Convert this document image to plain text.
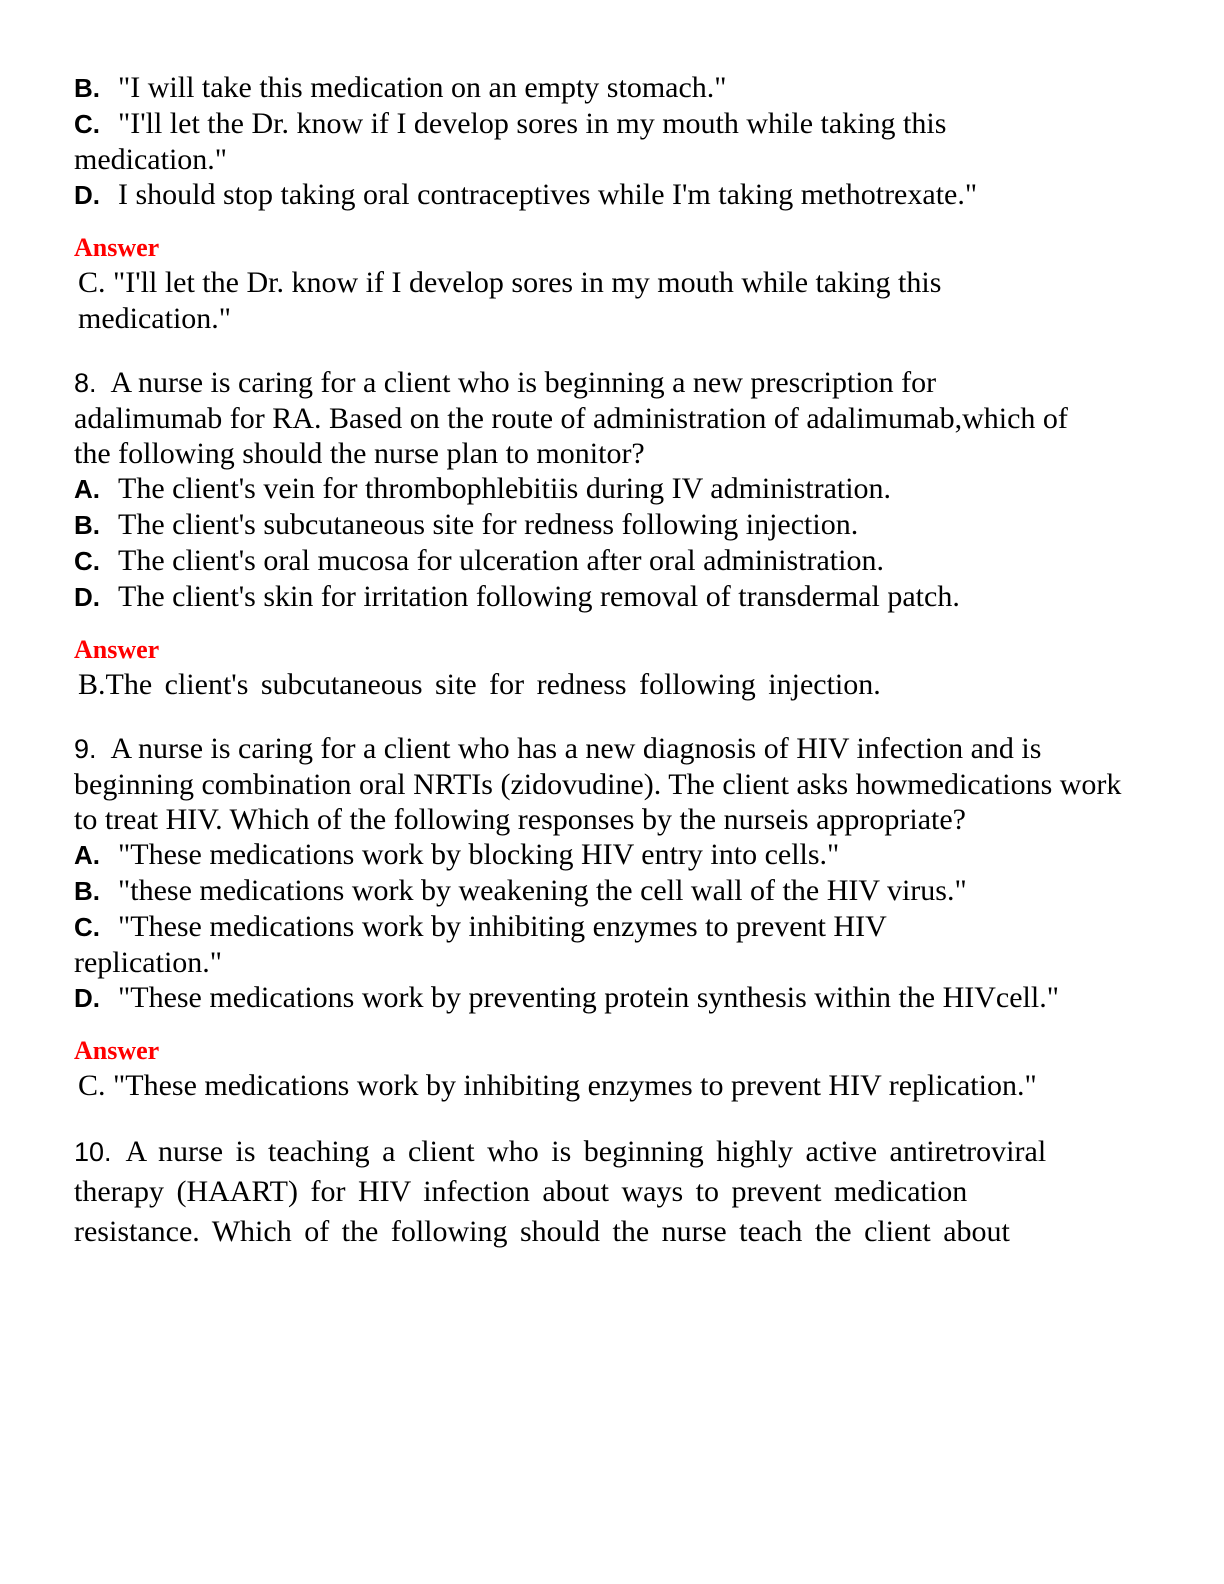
B. "I will take this medication on an empty stomach."
C. "I'll let the Dr. know if I develop sores in my mouth while taking this medication."
D. I should stop taking oral contraceptives while I'm taking methotrexate."
Answer
C. "I'll let the Dr. know if I develop sores in my mouth while taking this medication."
8. A nurse is caring for a client who is beginning a new prescription for adalimumab for RA. Based on the route of administration of adalimumab,which of the following should the nurse plan to monitor?
A. The client's vein for thrombophlebitiis during IV administration.
B. The client's subcutaneous site for redness following injection.
C. The client's oral mucosa for ulceration after oral administration.
D. The client's skin for irritation following removal of transdermal patch.
Answer
B.The client's subcutaneous site for redness following injection.
9. A nurse is caring for a client who has a new diagnosis of HIV infection and is beginning combination oral NRTIs (zidovudine). The client asks howmedications work to treat HIV. Which of the following responses by the nurseis appropriate?
A. "These medications work by blocking HIV entry into cells."
B. "these medications work by weakening the cell wall of the HIV virus."
C. "These medications work by inhibiting enzymes to prevent HIV replication."
D. "These medications work by preventing protein synthesis within the HIVcell."
Answer
C. "These medications work by inhibiting enzymes to prevent HIV replication."
10. A nurse is teaching a client who is beginning highly active antiretroviral therapy (HAART) for HIV infection about ways to prevent medication resistance. Which of the following should the nurse teach the client about
